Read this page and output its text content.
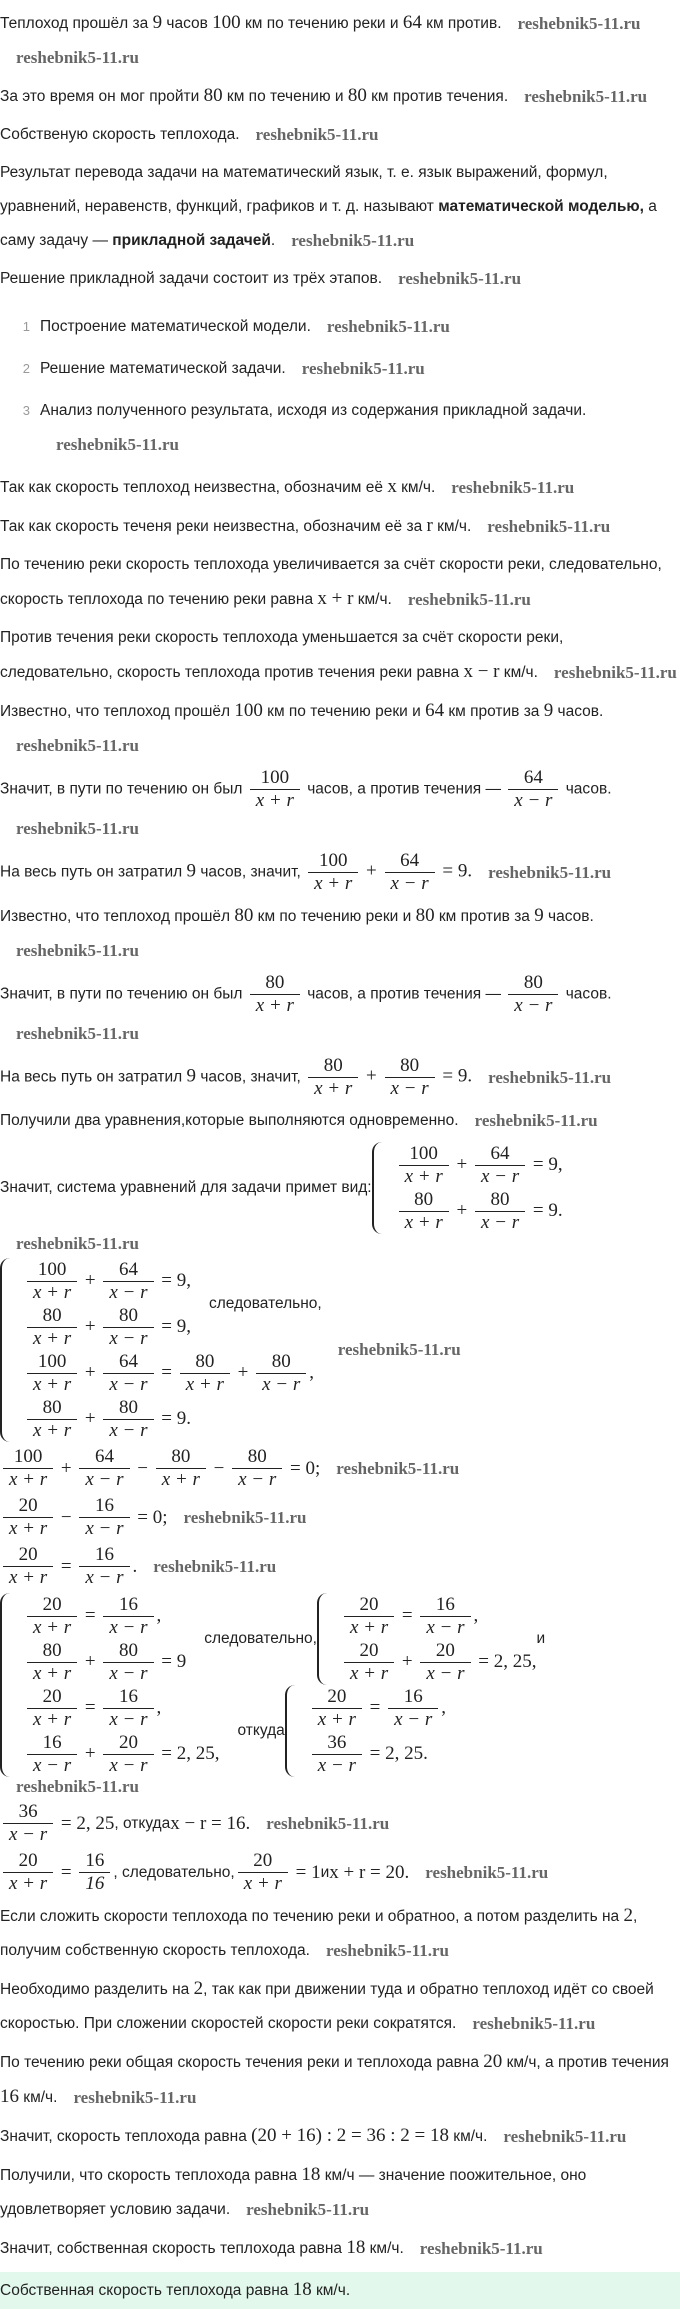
Теплоход прошёл за 9 часов 100 км по течению реки и 64 км против. reshebnik5-11.rureshebnik5-11.ru
За это время он мог пройти 80 км по течению и 80 км против течения. reshebnik5-11.ru
Собственую скорость теплохода. reshebnik5-11.ru
Результат перевода задачи на математический язык, т. е. язык выражений, формул, уравнений, неравенств, функций, графиков и т. д. называют математической моделью, а саму задачу — прикладной задачей. reshebnik5-11.ru
Решение прикладной задачи состоит из трёх этапов. reshebnik5-11.ru
1 Построение математической модели. reshebnik5-11.ru
2 Решение математической задачи. reshebnik5-11.ru
3 Анализ полученного результата, исходя из содержания прикладной задачи.reshebnik5-11.ru
Так как скорость теплоход неизвестна, обозначим её x км/ч. reshebnik5-11.ru
Так как скорость теченя реки неизвестна, обозначим её за r км/ч. reshebnik5-11.ru
По течению реки скорость теплохода увеличивается за счёт скорости реки, следовательно, скорость теплохода по течению реки равна x + r км/ч. reshebnik5-11.ru
Против течения реки скорость теплохода уменьшается за счёт скорости реки, следовательно, скорость теплохода против течения реки равна x − r км/ч. reshebnik5-11.ru
Известно, что теплоход прошёл 100 км по течению реки и 64 км против за 9 часов.reshebnik5-11.ru
Значит, в пути по течению он был $\frac{100}{x + r}$ часов, а против течения — $\frac{64}{x - r}$ часов.reshebnik5-11.ru
На весь путь он затратил 9 часов, значит, $\frac{100}{x + r} + \frac{64}{x - r} = 9$. reshebnik5-11.ru
Известно, что теплоход прошёл 80 км по течению реки и 80 км против за 9 часов.reshebnik5-11.ru
Значит, в пути по течению он был $\frac{80}{x + r}$ часов, а против течения — $\frac{80}{x - r}$ часов.reshebnik5-11.ru
На весь путь он затратил 9 часов, значит, $\frac{80}{x + r} + \frac{80}{x - r} = 9$. reshebnik5-11.ru
Получили два уравнения,которые выполняются одновременно. reshebnik5-11.ru
Значит, система уравнений для задачи примет вид: $\frac{100}{x + r} + \frac{64}{x - r} = 9$,
$\frac{80}{x + r} + \frac{80}{x - r} = 9$.
reshebnik5-11.ru
$\frac{100}{x + r} + \frac{64}{x - r} = 9$,
$\frac{80}{x + r} + \frac{80}{x - r} = 9$,
следовательно,
$\frac{100}{x + r} + \frac{64}{x - r} = \frac{80}{x + r} + \frac{80}{x - r}$ ,
$\frac{80}{x + r} + \frac{80}{x - r} = 9$.
reshebnik5-11.ru
$\frac{100}{x + r} + \frac{64}{x - r} - \frac{80}{x + r} - \frac{80}{x - r} = 0$; reshebnik5-11.ru
$\frac{20}{x + r} - \frac{16}{x - r} = 0$; reshebnik5-11.ru
$\frac{20}{x + r} = \frac{16}{x - r}$ . reshebnik5-11.ru
$\frac{20}{x + r} = \frac{16}{x - r}$ ,
$\frac{80}{x + r} + \frac{80}{x - r} = 9$
следовательно, $\frac{20}{x + r} = \frac{16}{x - r}$ ,
$\frac{20}{x + r} + \frac{20}{x - r} = 2$, 25,
и
$\frac{20}{x + r} = \frac{16}{x - r}$ ,
$\frac{16}{x - r} + \frac{20}{x - r} = 2$, 25,
откуда $\frac{20}{x + r} = \frac{16}{x - r}$ ,
$\frac{36}{x - r} = 2$, 25.
reshebnik5-11.ru
$\frac{36}{x - r} = 2$, 25 , откуда x − r = 16. reshebnik5-11.ru
$\frac{20}{x + r} = \frac{16}{16}$ , следовательно, $\frac{20}{x + r} = 1$ и x + r = 20. reshebnik5-11.ru
Если сложить скорости теплохода по течению реки и обратноо, а потом разделить на 2, получим собственную скорость теплохода. reshebnik5-11.ru
Необходимо разделить на 2, так как при движении туда и обратно теплоход идёт со своей скоростью. При сложении скоростей скорости реки сократятся. reshebnik5-11.ru
По течению реки общая скорость течения реки и теплохода равна 20 км/ч, а против течения 16 км/ч. reshebnik5-11.ru
Значит, скорость теплохода равна (20 + 16) : 2 = 36 : 2 = 18 км/ч. reshebnik5-11.ru
Получили, что скорость теплохода равна 18 км/ч — значение поожительное, оно удовлетворяет условию задачи. reshebnik5-11.ru
Значит, собственная скорость теплохода равна 18 км/ч. reshebnik5-11.ru
Собственная скорость теплохода равна 18 км/ч.
